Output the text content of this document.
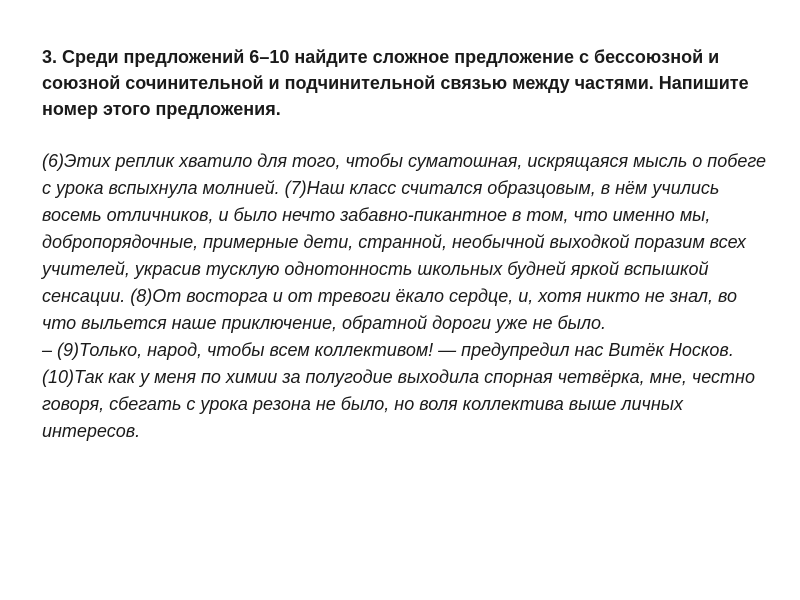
3. Среди предложений 6–10 найдите сложное предложение с бессоюзной и союзной сочинительной и подчинительной связью между частями. Напишите номер этого предложения.

(6)Этих реплик хватило для того, чтобы суматошная, искрящаяся мысль о побеге с урока вспыхнула молнией. (7)Наш класс считался образцовым, в нём учились восемь отличников, и было нечто забавно-пикантное в том, что именно мы, добропорядочные, примерные дети, странной, необычной выходкой поразим всех учителей, украсив тусклую однотонность школьных будней яркой вспышкой сенсации. (8)От восторга и от тревоги ёкало сердце, и, хотя никто не знал, во что выльется наше приключение, обратной дороги уже не было.

– (9)Только, народ, чтобы всем коллективом! — предупредил нас Витёк Носков.

(10)Так как у меня по химии за полугодие выходила спорная четвёрка, мне, честно говоря, сбегать с урока резона не было, но воля коллектива выше личных интересов.
